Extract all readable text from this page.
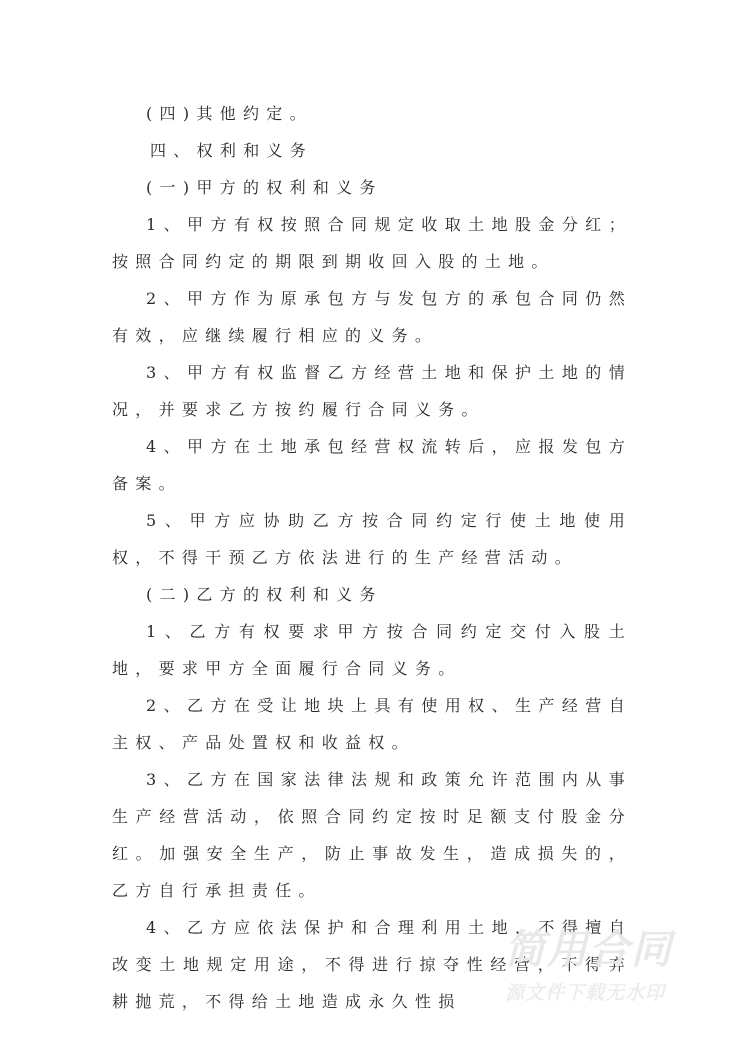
(四)其他约定。

四、权利和义务

(一)甲方的权利和义务

1、甲方有权按照合同规定收取土地股金分红；按照合同约定的期限到期收回入股的土地。

2、甲方作为原承包方与发包方的承包合同仍然有效，应继续履行相应的义务。

3、甲方有权监督乙方经营土地和保护土地的情况，并要求乙方按约履行合同义务。

4、甲方在土地承包经营权流转后，应报发包方备案。

5、甲方应协助乙方按合同约定行使土地使用权，不得干预乙方依法进行的生产经营活动。

(二)乙方的权利和义务

1、乙方有权要求甲方按合同约定交付入股土地，要求甲方全面履行合同义务。

2、乙方在受让地块上具有使用权、生产经营自主权、产品处置权和收益权。

3、乙方在国家法律法规和政策允许范围内从事生产经营活动，依照合同约定按时足额支付股金分红。加强安全生产，防止事故发生，造成损失的，乙方自行承担责任。

4、乙方应依法保护和合理利用土地，不得擅自改变土地规定用途，不得进行掠夺性经营，不得弃耕抛荒，不得给土地造成永久性损

简用合同
源文件下载无水印
